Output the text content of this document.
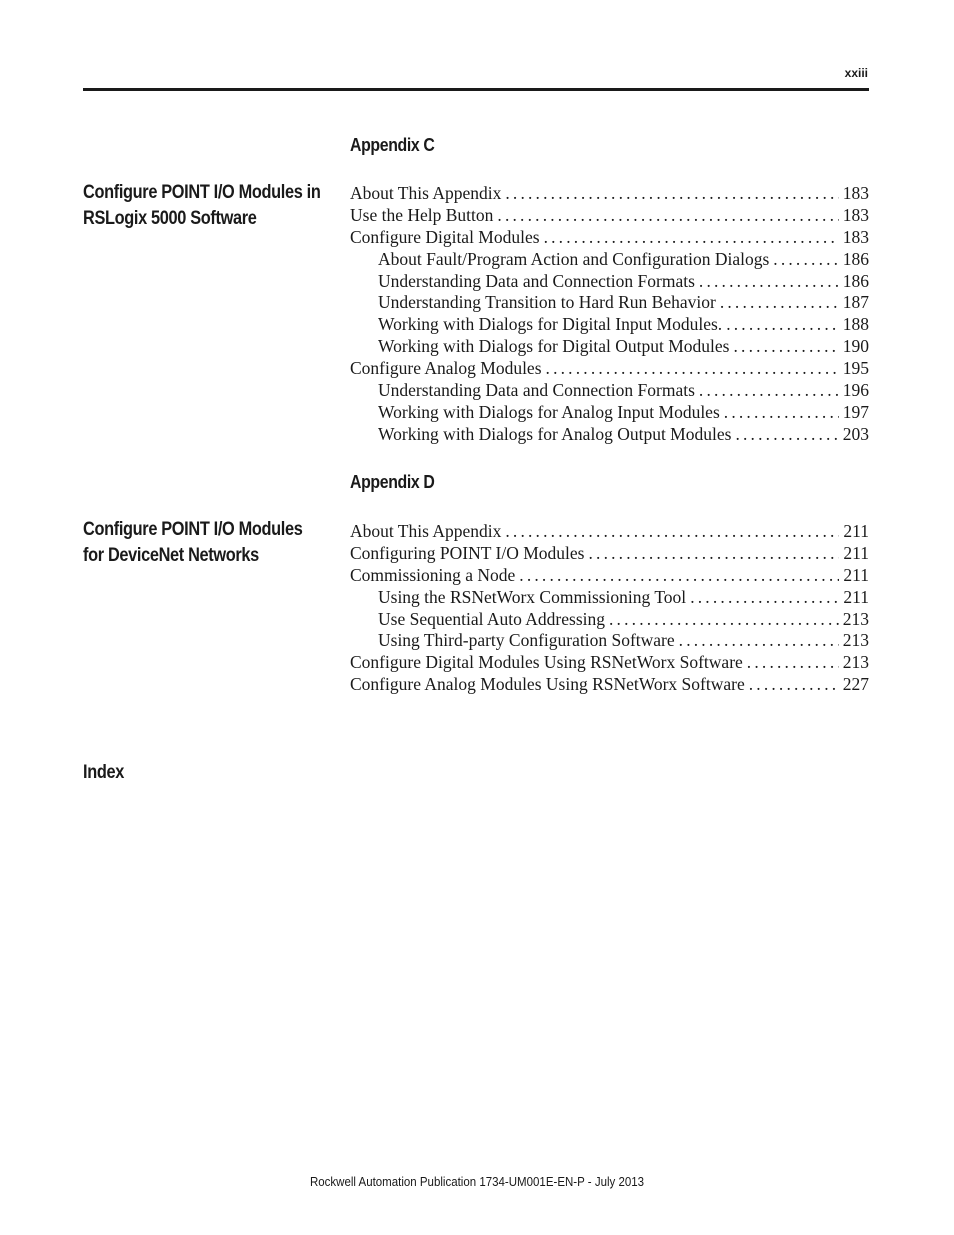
xxiii
Appendix C
Configure POINT I/O Modules in
RSLogix 5000 Software
About This Appendix . . .	183
Use the Help Button . . .	183
Configure Digital Modules . . .	183
About Fault/Program Action and Configuration Dialogs . . .	186
Understanding Data and Connection Formats . . .	186
Understanding Transition to Hard Run Behavior . . .	187
Working with Dialogs for Digital Input Modules. . . .	188
Working with Dialogs for Digital Output Modules . . .	190
Configure Analog Modules . . .	195
Understanding Data and Connection Formats . . .	196
Working with Dialogs for Analog Input Modules . . .	197
Working with Dialogs for Analog Output Modules . . .	203
Appendix D
Configure POINT I/O Modules
for DeviceNet Networks
About This Appendix . . .	211
Configuring POINT I/O Modules . . .	211
Commissioning a Node . . .	211
Using the RSNetWorx Commissioning Tool . . .	211
Use Sequential Auto Addressing . . .	213
Using Third-party Configuration Software . . .	213
Configure Digital Modules Using RSNetWorx Software . . .	213
Configure Analog Modules Using RSNetWorx Software . . .	227
Index
Rockwell Automation Publication 1734-UM001E-EN-P - July 2013
